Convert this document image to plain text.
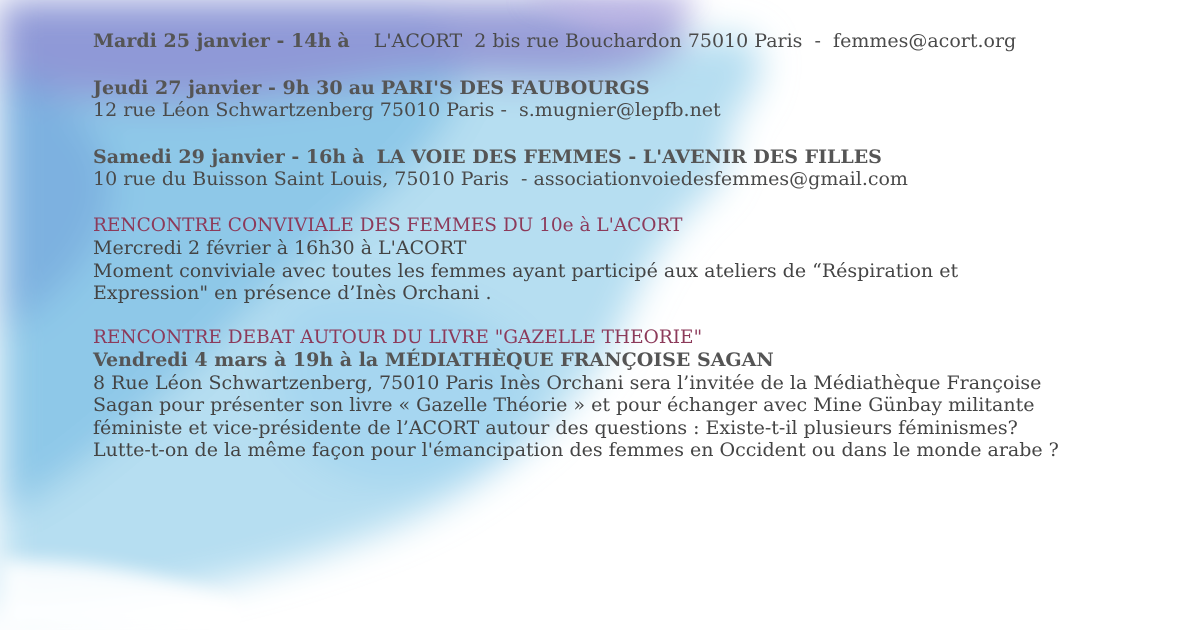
Mardi 25 janvier - 14h à L'ACORT 2 bis rue Bouchardon 75010 Paris - femmes@acort.org
Jeudi 27 janvier - 9h 30 au PARI'S DES FAUBOURGS
12 rue Léon Schwartzenberg 75010 Paris - s.mugnier@lepfb.net
Samedi 29 janvier - 16h à LA VOIE DES FEMMES - L'AVENIR DES FILLES
10 rue du Buisson Saint Louis, 75010 Paris - associationvoiedesfemmes@gmail.com
RENCONTRE CONVIVIALE DES FEMMES DU 10e à L'ACORT
Mercredi 2 février à 16h30 à L'ACORT
Moment conviviale avec toutes les femmes ayant participé aux ateliers de “Réspiration et
Expression" en présence d’Inès Orchani .
RENCONTRE DEBAT AUTOUR DU LIVRE "GAZELLE THEORIE"
Vendredi 4 mars à 19h à la MÉDIATHÈQUE FRANÇOISE SAGAN
8 Rue Léon Schwartzenberg, 75010 Paris Inès Orchani sera l’invitée de la Médiathèque Françoise Sagan pour présenter son livre « Gazelle Théorie » et pour échanger avec Mine Günbay militante féministe et vice-présidente de l’ACORT autour des questions : Existe-t-il plusieurs féminismes? Lutte-t-on de la même façon pour l'émancipation des femmes en Occident ou dans le monde arabe ?
